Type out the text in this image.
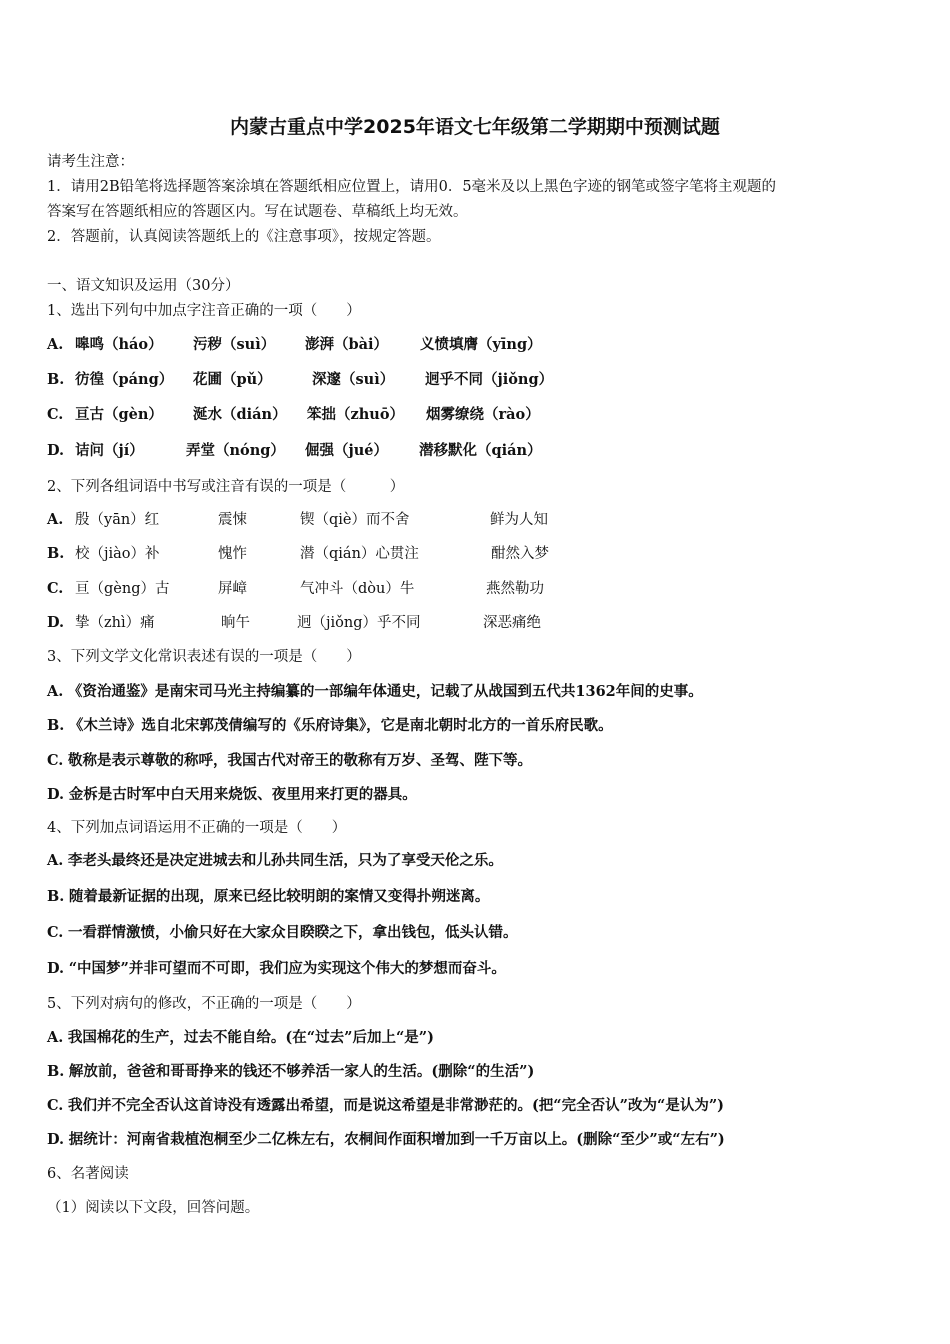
内蒙古重点中学2025年语文七年级第二学期期中预测试题
请考生注意：
1．请用2B铅笔将选择题答案涂填在答题纸相应位置上，请用0．5毫米及以上黑色字迹的钢笔或签字笔将主观题的
答案写在答题纸相应的答题区内。写在试题卷、草稿纸上均无效。
2．答题前，认真阅读答题纸上的《注意事项》，按规定答题。
一、语文知识及运用（30分）
1、选出下列句中加点字注音正确的一项（　　）
A. 嗥鸣（háo） 污秽（suì） 澎湃（bài） 义愤填膺（yīng）
B. 彷徨（páng） 花圃（pǔ）	深邃（suì） 迥乎不同（jiǒng）
C. 亘古（gèn） 涎水（dián） 笨拙（zhuō） 烟雾缭绕（rào）
D. 诘问（jí）	弄堂（nóng） 倔强（jué） 潜移默化（qián）
2、下列各组词语中书写或注音有误的一项是（　　　）
A. 殷（yān）红	震悚	锲（qiè）而不舍	鲜为人知
B. 校（jiào）补	愧怍	潜（qián）心贯注	酣然入梦
C. 亘（gèng）古	屏嶂	气冲斗（dòu）牛	燕然勒功
D. 挚（zhì）痛	晌午	迥（jiǒng）乎不同	深恶痛绝
3、下列文学文化常识表述有误的一项是（　　）
A. 《资治通鉴》是南宋司马光主持编纂的一部编年体通史，记载了从战国到五代共1362年间的史事。
B. 《木兰诗》选自北宋郭茂倩编写的《乐府诗集》，它是南北朝时北方的一首乐府民歌。
C. 敬称是表示尊敬的称呼，我国古代对帝王的敬称有万岁、圣驾、陛下等。
D. 金柝是古时军中白天用来烧饭、夜里用来打更的器具。
4、下列加点词语运用不正确的一项是（　　）
A. 李老头最终还是决定进城去和儿孙共同生活，只为了享受天伦之乐。
B. 随着最新证据的出现，原来已经比较明朗的案情又变得扑朔迷离。
C. 一看群情激愤，小偷只好在大家众目睽睽之下，拿出钱包，低头认错。
D. “中国梦”并非可望而不可即，我们应为实现这个伟大的梦想而奋斗。
5、下列对病句的修改，不正确的一项是（　　）
A. 我国棉花的生产，过去不能自给。(在“过去”后加上“是”)
B. 解放前，爸爸和哥哥挣来的钱还不够养活一家人的生活。(删除“的生活”)
C. 我们并不完全否认这首诗没有透露出希望，而是说这希望是非常渺茫的。(把“完全否认”改为“是认为”)
D. 据统计：河南省栽植泡桐至少二亿株左右，农桐间作面积增加到一千万亩以上。(删除“至少”或“左右”)
6、名著阅读
（1）阅读以下文段，回答问题。
